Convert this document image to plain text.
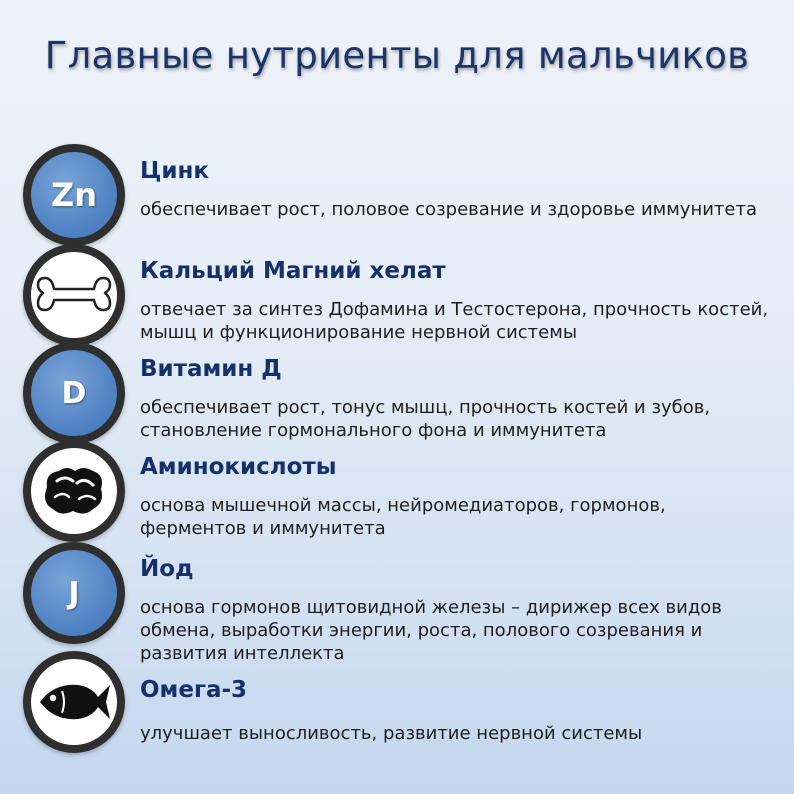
Главные нутриенты для мальчиков
Zn
Цинк
обеспечивает рост, половое созревание и здоровье иммунитета
Кальций Магний хелат
отвечает за синтез Дофамина и Тестостерона, прочность костей, мышц и функционирование нервной системы
D
Витамин Д
обеспечивает рост, тонус мышц, прочность костей и зубов, становление гормонального фона и иммунитета
Аминокислоты
основа мышечной массы, нейромедиаторов, гормонов, ферментов и иммунитета
J
Йод
основа гормонов щитовидной железы – дирижер всех видов обмена, выработки энергии, роста, полового созревания и развития интеллекта
Омега-3
улучшает выносливость, развитие нервной системы
